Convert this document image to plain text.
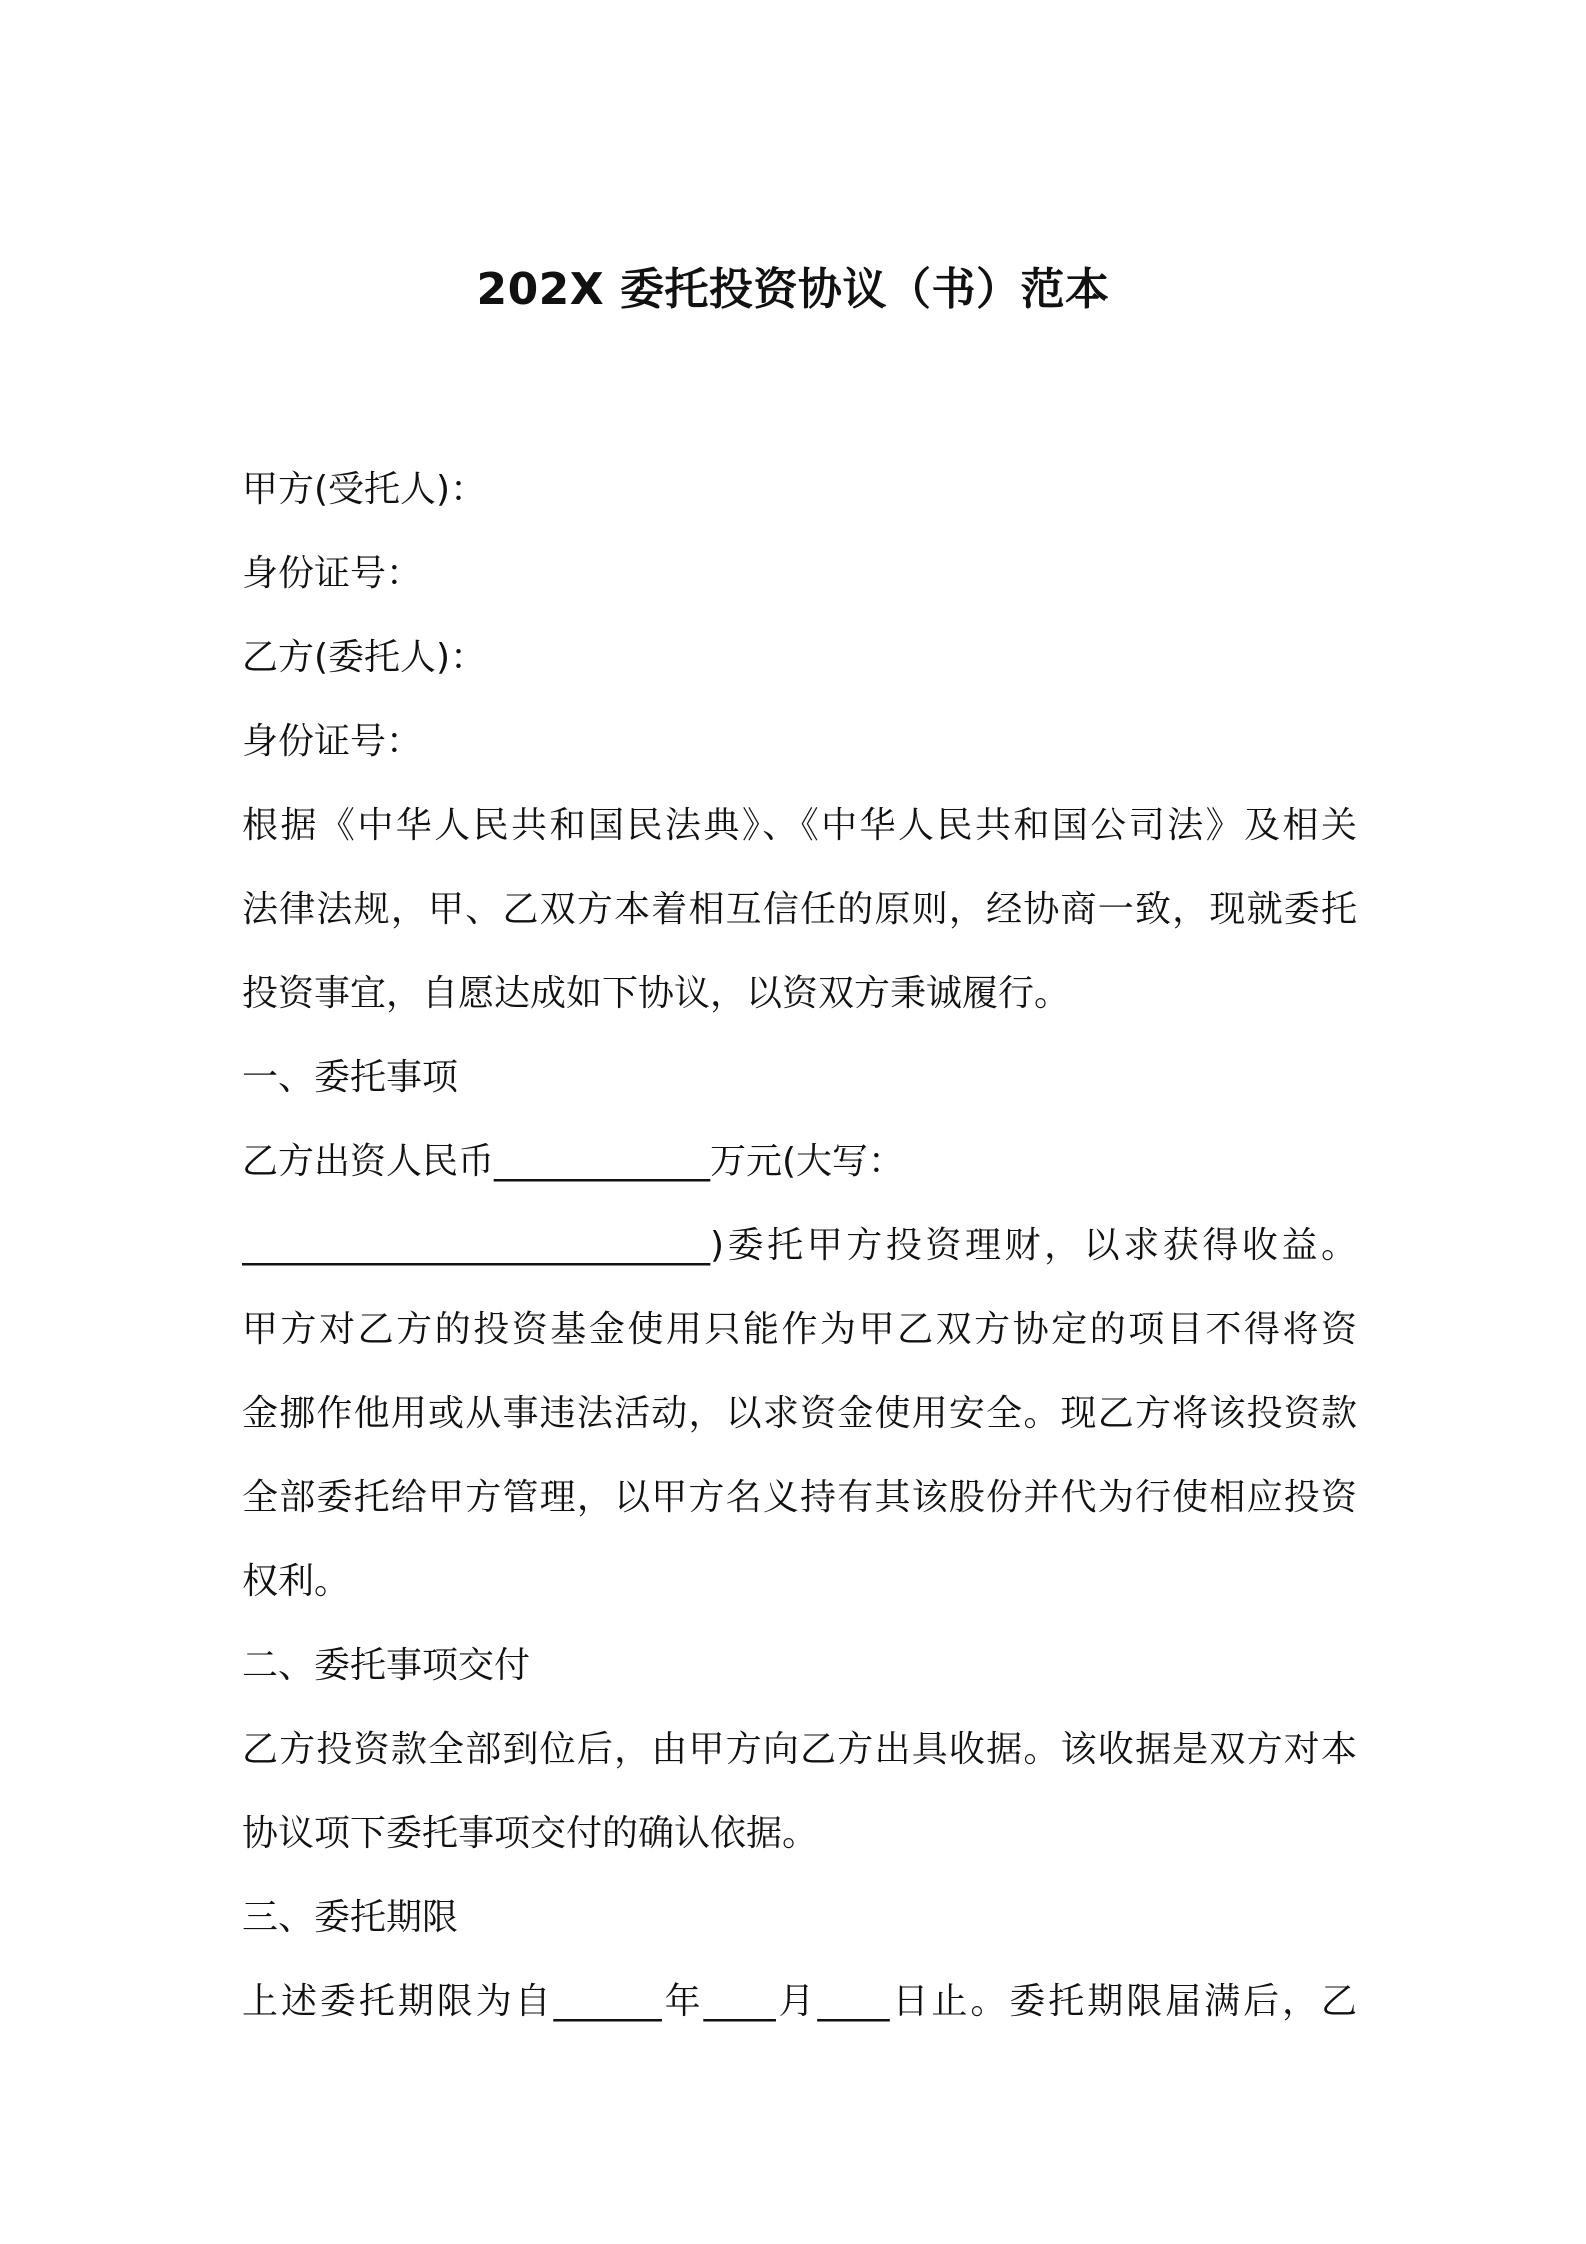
202X 委托投资协议（书）范本
甲方(受托人)：
身份证号：
乙方(委托人)：
身份证号：
根据《中华人民共和国民法典》、《中华人民共和国公司法》及相关
法律法规，甲、乙双方本着相互信任的原则，经协商一致，现就委托
投资事宜，自愿达成如下协议，以资双方秉诚履行。
一、委托事项
乙方出资人民币____________万元(大写：
__________________________)委托甲方投资理财，以求获得收益。
甲方对乙方的投资基金使用只能作为甲乙双方协定的项目不得将资
金挪作他用或从事违法活动，以求资金使用安全。现乙方将该投资款
全部委托给甲方管理，以甲方名义持有其该股份并代为行使相应投资
权利。
二、委托事项交付
乙方投资款全部到位后，由甲方向乙方出具收据。该收据是双方对本
协议项下委托事项交付的确认依据。
三、委托期限
上述委托期限为自______年____月____日止。委托期限届满后，乙
